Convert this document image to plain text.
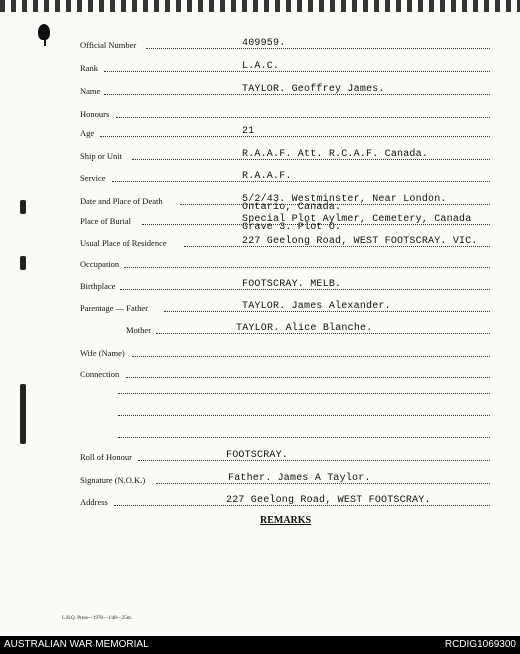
Official Number	409959.
Rank	L.A.C.
Name	TAYLOR. Geoffrey James.
Honours
Age	21
Ship or Unit	R.A.A.F. Att. R.C.A.F. Canada.
Service	R.A.A.F.
Date and Place of Death	5/2/43. Westminster, Near London.
Ontario, Canada.
Place of Burial	Special Plot Aylmer, Cemetery, Canada
Grave 3. Plot O.
Usual Place of Residence	227 Geelong Road, WEST FOOTSCRAY. VIC.
Occupation
Birthplace	FOOTSCRAY. MELB.
Parentage — Father	TAYLOR. James Alexander.
Mother	TAYLOR. Alice Blanche.
Wife (Name)
Connection
Roll of Honour	FOOTSCRAY.
Signature (N.O.K.)	Father. James A Taylor.
Address	227 Geelong Road, WEST FOOTSCRAY.
REMARKS
L.H.Q. Press—1978—1/48—25m.
AUSTRALIAN WAR MEMORIAL	RCDIG1069300
